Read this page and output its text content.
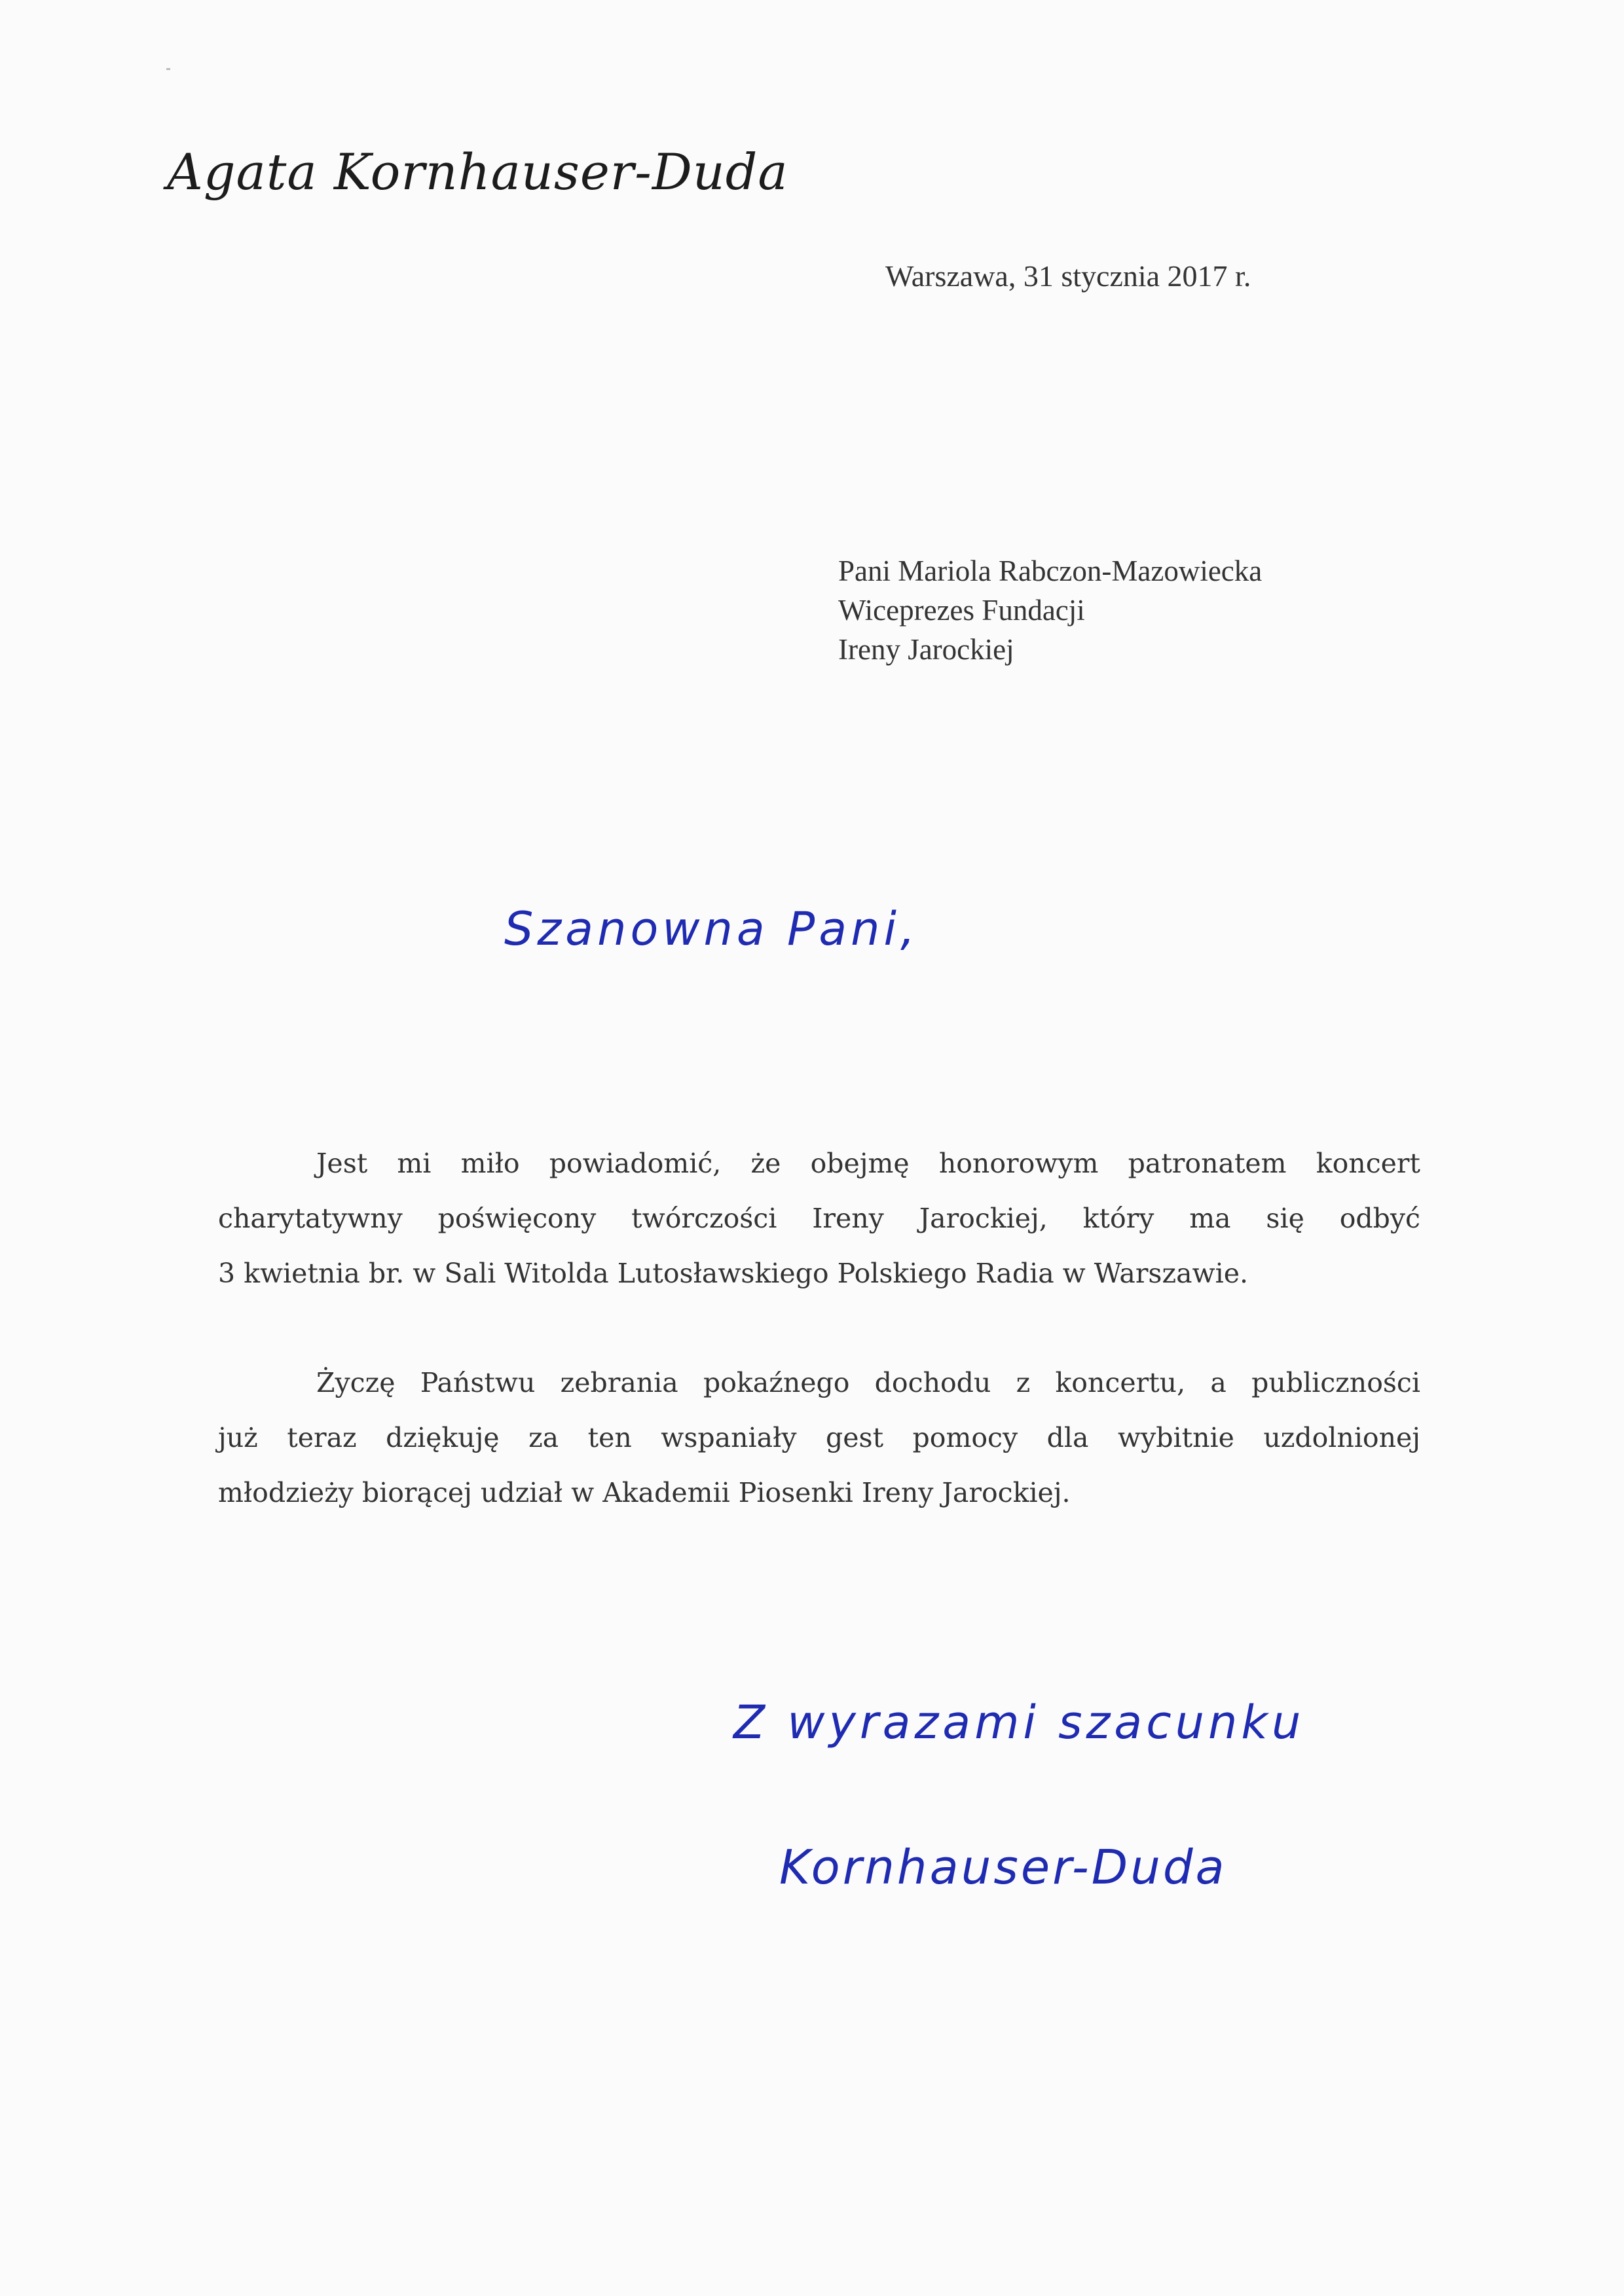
Agata Kornhauser-Duda
Warszawa, 31 stycznia 2017 r.
Pani Mariola Rabczon-Mazowiecka
Wiceprezes Fundacji
Ireny Jarockiej
Szanowna Pani,
Jest mi miło powiadomić, że obejmę honorowym patronatem koncert
charytatywny poświęcony twórczości Ireny Jarockiej, który ma się odbyć
3 kwietnia br. w Sali Witolda Lutosławskiego Polskiego Radia w Warszawie.
Życzę Państwu zebrania pokaźnego dochodu z koncertu, a publiczności
już teraz dziękuję za ten wspaniały gest pomocy dla wybitnie uzdolnionej
młodzieży biorącej udział w Akademii Piosenki Ireny Jarockiej.
Z wyrazami szacunku
Kornhauser-Duda
